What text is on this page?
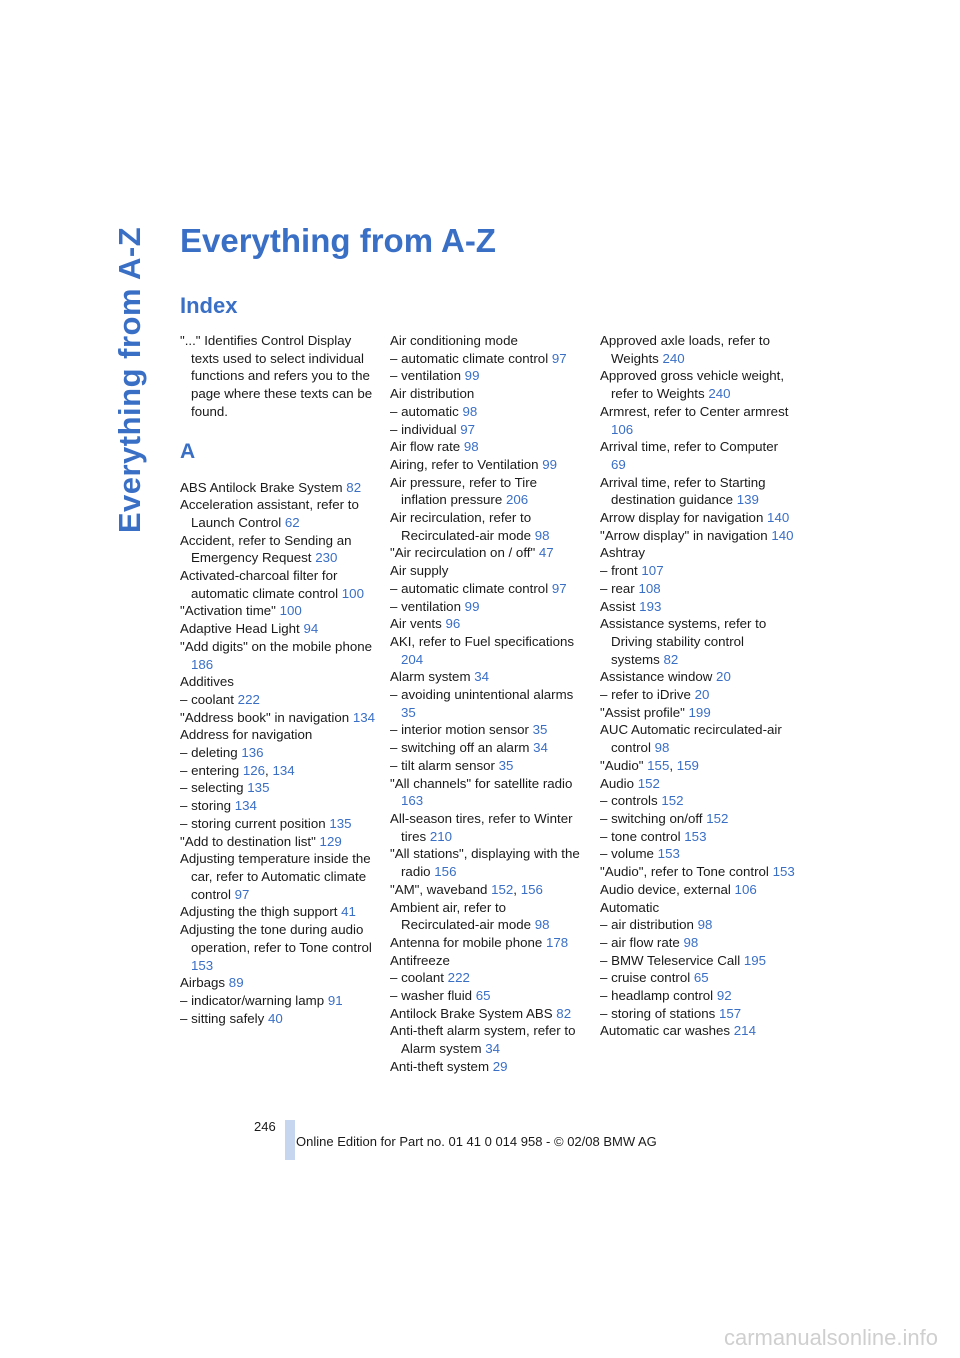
Everything from A-Z Everything from A-Z
Index
"..." Identifies Control Display texts used to select individual functions and refers you to the page where these texts can be found.
A
ABS Antilock Brake System 82
Acceleration assistant, refer to Launch Control 62
Accident, refer to Sending an Emergency Request 230
Activated-charcoal filter for automatic climate control 100
"Activation time" 100
Adaptive Head Light 94
"Add digits" on the mobile phone 186
Additives
– coolant 222
"Address book" in navigation 134
Address for navigation
– deleting 136
– entering 126, 134
– selecting 135
– storing 134
– storing current position 135
"Add to destination list" 129
Adjusting temperature inside the car, refer to Automatic climate control 97
Adjusting the thigh support 41
Adjusting the tone during audio operation, refer to Tone control 153
Airbags 89
– indicator/warning lamp 91
– sitting safely 40
Air conditioning mode
– automatic climate control 97
– ventilation 99
Air distribution
– automatic 98
– individual 97
Air flow rate 98
Airing, refer to Ventilation 99
Air pressure, refer to Tire inflation pressure 206
Air recirculation, refer to Recirculated-air mode 98
"Air recirculation on / off" 47
Air supply
– automatic climate control 97
– ventilation 99
Air vents 96
AKI, refer to Fuel specifications 204
Alarm system 34
– avoiding unintentional alarms 35
– interior motion sensor 35
– switching off an alarm 34
– tilt alarm sensor 35
"All channels" for satellite radio 163
All-season tires, refer to Winter tires 210
"All stations", displaying with the radio 156
"AM", waveband 152, 156
Ambient air, refer to Recirculated-air mode 98
Antenna for mobile phone 178
Antifreeze
– coolant 222
– washer fluid 65
Antilock Brake System ABS 82
Anti-theft alarm system, refer to Alarm system 34
Anti-theft system 29
Approved axle loads, refer to Weights 240
Approved gross vehicle weight, refer to Weights 240
Armrest, refer to Center armrest 106
Arrival time, refer to Computer 69
Arrival time, refer to Starting destination guidance 139
Arrow display for navigation 140
"Arrow display" in navigation 140
Ashtray
– front 107
– rear 108
Assist 193
Assistance systems, refer to Driving stability control systems 82
Assistance window 20
– refer to iDrive 20
"Assist profile" 199
AUC Automatic recirculated-air control 98
"Audio" 155, 159
Audio 152
– controls 152
– switching on/off 152
– tone control 153
– volume 153
"Audio", refer to Tone control 153
Audio device, external 106
Automatic
– air distribution 98
– air flow rate 98
– BMW Teleservice Call 195
– cruise control 65
– headlamp control 92
– storing of stations 157
Automatic car washes 214
246
Online Edition for Part no. 01 41 0 014 958 - © 02/08 BMW AG
carmanualsonline.info
